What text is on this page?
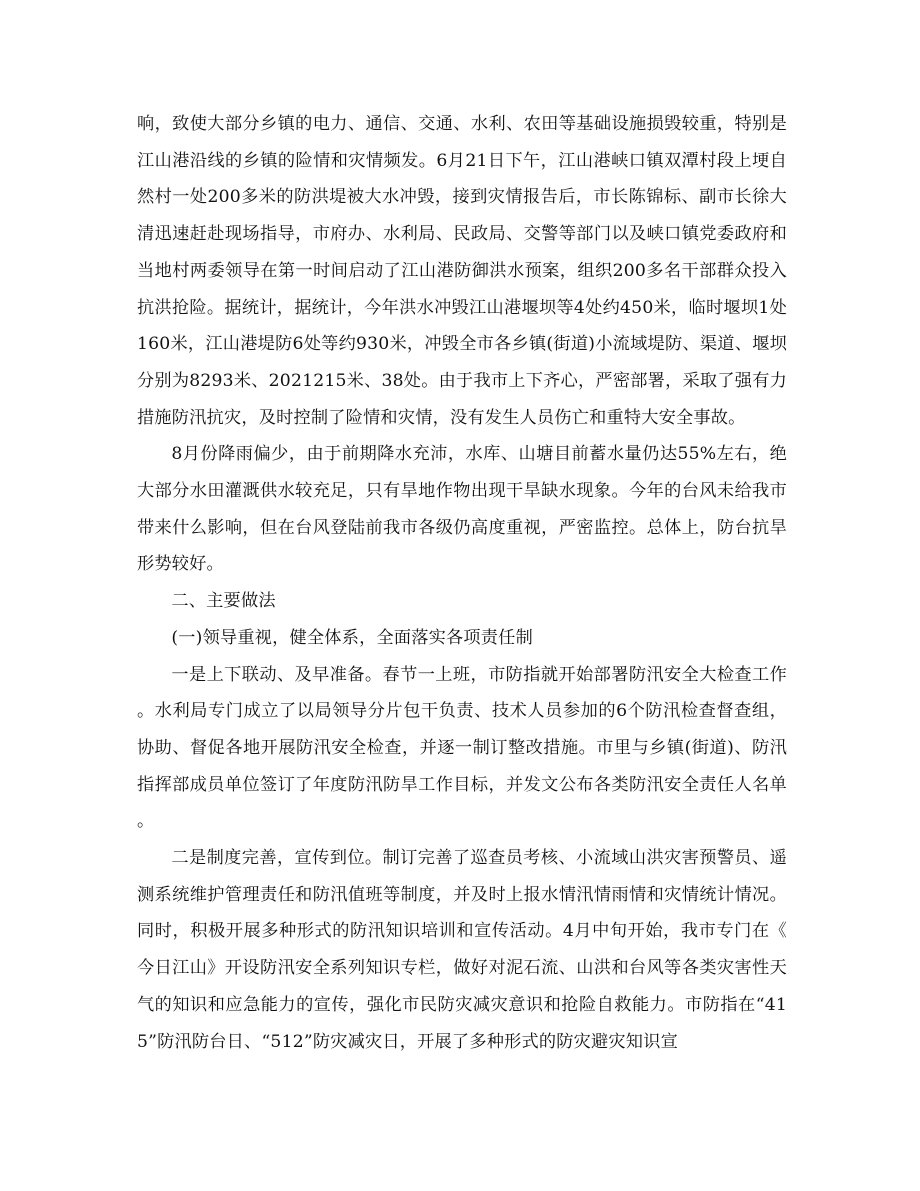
响，致使大部分乡镇的电力、通信、交通、水利、农田等基础设施损毁较重，特别是江山港沿线的乡镇的险情和灾情频发。6月21日下午，江山港峡口镇双潭村段上埂自然村一处200多米的防洪堤被大水冲毁，接到灾情报告后，市长陈锦标、副市长徐大清迅速赶赴现场指导，市府办、水利局、民政局、交警等部门以及峡口镇党委政府和当地村两委领导在第一时间启动了江山港防御洪水预案，组织200多名干部群众投入抗洪抢险。据统计，据统计，今年洪水冲毁江山港堰坝等4处约450米，临时堰坝1处160米，江山港堤防6处等约930米，冲毁全市各乡镇(街道)小流域堤防、渠道、堰坝分别为8293米、2021215米、38处。由于我市上下齐心，严密部署，采取了强有力措施防汛抗灾，及时控制了险情和灾情，没有发生人员伤亡和重特大安全事故。

8月份降雨偏少，由于前期降水充沛，水库、山塘目前蓄水量仍达55%左右，绝大部分水田灌溉供水较充足，只有旱地作物出现干旱缺水现象。今年的台风未给我市带来什么影响，但在台风登陆前我市各级仍高度重视，严密监控。总体上，防台抗旱形势较好。

二、主要做法

(一)领导重视，健全体系，全面落实各项责任制

一是上下联动、及早准备。春节一上班，市防指就开始部署防汛安全大检查工作。水利局专门成立了以局领导分片包干负责、技术人员参加的6个防汛检查督查组，协助、督促各地开展防汛安全检查，并逐一制订整改措施。市里与乡镇(街道)、防汛指挥部成员单位签订了年度防汛防旱工作目标，并发文公布各类防汛安全责任人名单。

二是制度完善，宣传到位。制订完善了巡查员考核、小流域山洪灾害预警员、遥测系统维护管理责任和防汛值班等制度，并及时上报水情汛情雨情和灾情统计情况。同时，积极开展多种形式的防汛知识培训和宣传活动。4月中旬开始，我市专门在《今日江山》开设防汛安全系列知识专栏，做好对泥石流、山洪和台风等各类灾害性天气的知识和应急能力的宣传，强化市民防灾减灾意识和抢险自救能力。市防指在“415”防汛防台日、“512”防灾减灾日，开展了多种形式的防灾避灾知识宣
